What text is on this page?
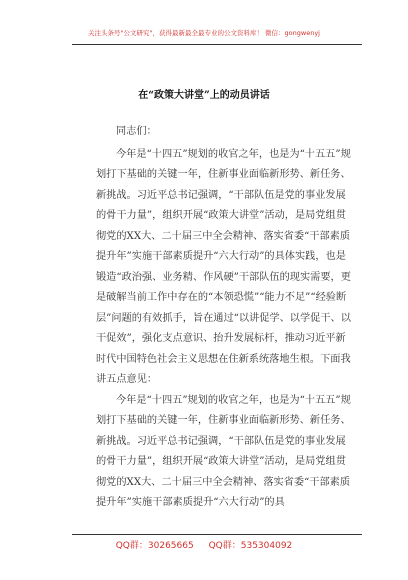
关注头条号"公文研究"，获得最新最全最专业的公文资料库！ 微信：gongwenyj
在“政策大讲堂”上的动员讲话

同志们：

今年是“十四五”规划的收官之年，也是为“十五五”规划打下基础的关键一年，住新事业面临新形势、新任务、新挑战。习近平总书记强调，“干部队伍是党的事业发展的骨干力量”，组织开展“政策大讲堂”活动，是局党组贯彻党的XX大、二十届三中全会精神、落实省委“干部素质提升年”实施干部素质提升“六大行动”的具体实践，也是锻造“政治强、业务精、作风硬”干部队伍的现实需要，更是破解当前工作中存在的“本领恐慌”“能力不足”“经验断层”问题的有效抓手，旨在通过“以讲促学、以学促干、以干促效”，强化支点意识、抬升发展标杆，推动习近平新时代中国特色社会主义思想在住新系统落地生根。下面我讲五点意见：

今年是“十四五”规划的收官之年，也是为“十五五”规划打下基础的关键一年，住新事业面临新形势、新任务、新挑战。习近平总书记强调，“干部队伍是党的事业发展的骨干力量”，组织开展“政策大讲堂”活动，是局党组贯彻党的XX大、二十届三中全会精神、落实省委“干部素质提升年”实施干部素质提升“六大行动”的具

QQ群：30265665 QQ群：535304092
